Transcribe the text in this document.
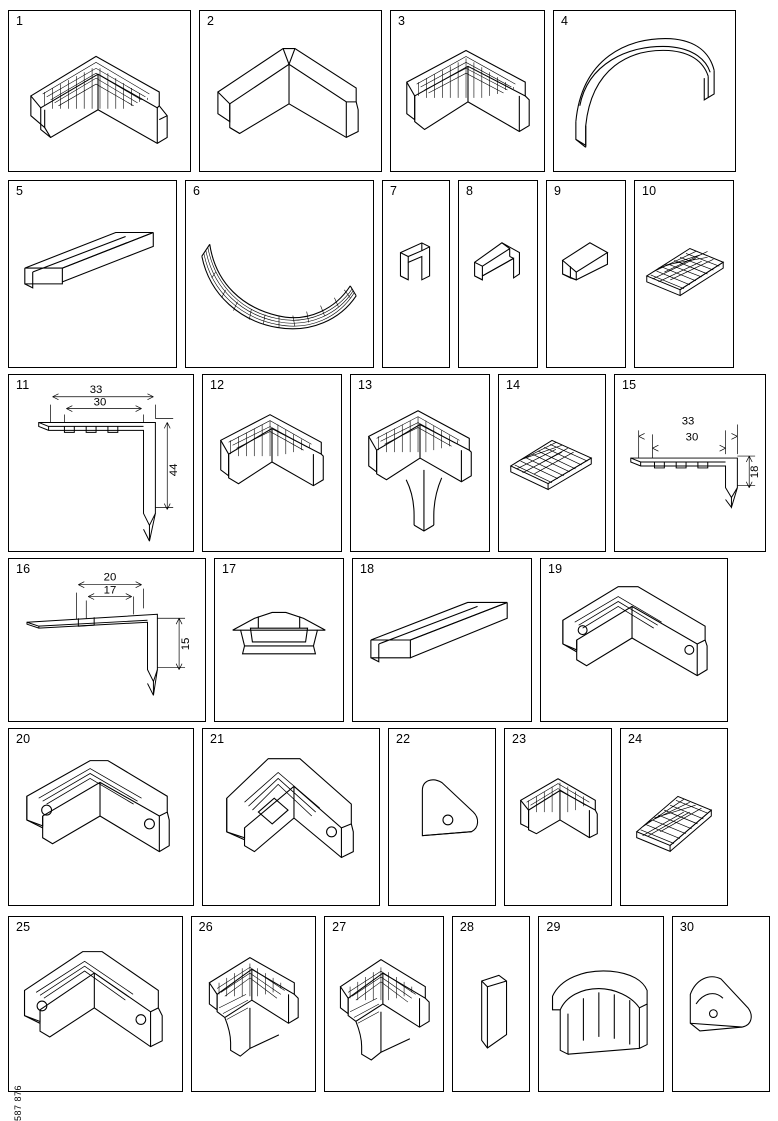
1	2	3	4
5	6	7	8	9	10
11	33
30
44
12	13	14	15
33
30
18
16
20
17
15
17	18	19
20	21	22	23	24
25	26	27	28	29	30
587 876
